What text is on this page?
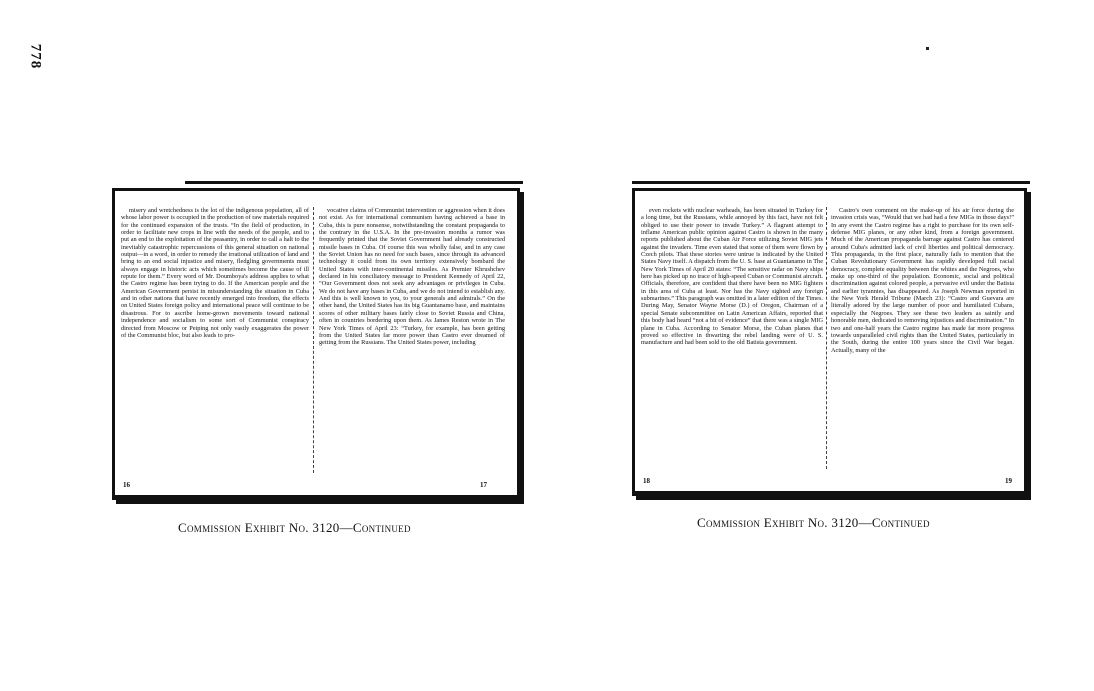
778

misery and wretchedness is the lot of the indigenous population, all of whose labor power is occupied in the production of raw materials required for the continued expansion of the trusts. “In the field of production, in order to facilitate new crops in line with the needs of the people, and to put an end to the exploitation of the peasantry, in order to call a halt to the inevitably catastrophic repercussions of this general situation on national output—in a word, in order to remedy the irrational utilization of land and bring to an end social injustice and misery, fledgling governments must always engage in historic acts which sometimes become the cause of ill repute for them.” Every word of Mr. Doumboya's address applies to what the Castro regime has been trying to do. If the American people and the American Government persist in misunderstanding the situation in Cuba and in other nations that have recently emerged into freedom, the effects on United States foreign policy and international peace will continue to be disastrous. For to ascribe home-grown movements toward national independence and socialism to some sort of Communist conspiracy directed from Moscow or Peiping not only vastly exaggerates the power of the Communist bloc, but also leads to pro-

vocative claims of Communist intervention or aggression when it does not exist. As for international communism having achieved a base in Cuba, this is pure nonsense, notwithstanding the constant propaganda to the contrary in the U.S.A. In the pre-invasion months a rumor was frequently printed that the Soviet Government had already constructed missile bases in Cuba. Of course this was wholly false, and in any case the Soviet Union has no need for such bases, since through its advanced technology it could from its own territory extensively bombard the United States with inter-continental missiles. As Premier Khrushchev declared in his conciliatory message to President Kennedy of April 22, “Our Government does not seek any advantages or privileges in Cuba. We do not have any bases in Cuba, and we do not intend to establish any. And this is well known to you, to your generals and admirals.” On the other hand, the United States has its big Guantanamo base, and maintains scores of other military bases fairly close to Soviet Russia and China, often in countries bordering upon them. As James Reston wrote in The New York Times of April 23: “Turkey, for example, has been getting from the United States far more power than Castro ever dreamed of getting from the Russians. The United States power, including

16	17

even rockets with nuclear warheads, has been situated in Turkey for a long time, but the Russians, while annoyed by this fact, have not felt obliged to use their power to invade Turkey.” A flagrant attempt to inflame American public opinion against Castro is shown in the many reports published about the Cuban Air Force utilizing Soviet MIG jets against the invaders. Time even stated that some of them were flown by Czech pilots. That these stories were untrue is indicated by the United States Navy itself. A dispatch from the U. S. base at Guantanamo in The New York Times of April 20 states: “The sensitive radar on Navy ships here has picked up no trace of high-speed Cuban or Communist aircraft. Officials, therefore, are confident that there have been no MIG fighters in this area of Cuba at least. Nor has the Navy sighted any foreign submarines.” This paragraph was omitted in a later edition of the Times. During May, Senator Wayne Morse (D.) of Oregon, Chairman of a special Senate subcommittee on Latin American Affairs, reported that this body had heard “not a bit of evidence” that there was a single MIG plane in Cuba. According to Senator Morse, the Cuban planes that proved so effective in thwarting the rebel landing were of U. S. manufacture and had been sold to the old Batista government.

Castro's own comment on the make-up of his air force during the invasion crisis was, “Would that we had had a few MIGs in those days!” In any event the Castro regime has a right to purchase for its own self-defense MIG planes, or any other kind, from a foreign government. Much of the American propaganda barrage against Castro has centered around Cuba's admitted lack of civil liberties and political democracy. This propaganda, in the first place, naturally fails to mention that the Cuban Revolutionary Government has rapidly developed full racial democracy, complete equality between the whites and the Negroes, who make up one-third of the population. Economic, social and political discrimination against colored people, a pervasive evil under the Batista and earlier tyrannies, has disappeared. As Joseph Newman reported in the New York Herald Tribune (March 23): “Castro and Guevara are literally adored by the large number of poor and humiliated Cubans, especially the Negroes. They see these two leaders as saintly and honorable men, dedicated to removing injustices and discrimination.” In two and one-half years the Castro regime has made far more progress towards unparalleled civil rights than the United States, particularly in the South, during the entire 100 years since the Civil War began. Actually, many of the

18	19
Commission Exhibit No. 3120—Continued	Commission Exhibit No. 3120—Continued
